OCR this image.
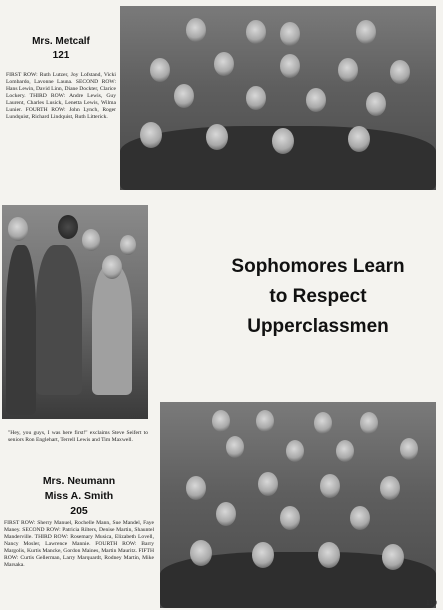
Mrs. Metcalf
121
FIRST ROW: Ruth Lutzer, Joy Lofstand, Vicki Lombardo, Lavonne Launa. SECOND ROW: Hans Lewin, David Linn, Diane Dockter, Clarice Lockery. THIRD ROW: Andre Lewis, Guy Laurent, Charles Lusick, Lenetta Lewis, Wilma Lunier. FOURTH ROW: John Lynch, Roger Lundquist, Richard Lindquist, Ruth Litterick.
"Hey, you guys, I was here first!" exclaims Steve Seifert to seniors Ron Englehart, Terrell Lewis and Tim Maxwell.
Sophomores Learn
to Respect
Upperclassmen
Mrs. Neumann
Miss A. Smith
205
FIRST ROW: Sherry Manuel, Rochelle Mann, Sue Mandel, Faye Maney. SECOND ROW: Patricia Rilters, Denise Martin, Shauntel Manderville. THIRD ROW: Rosemary Musica, Elizabeth Lovell, Nancy Mosler, Lawrence Mannie. FOURTH ROW: Barry Margolis, Kurtis Mancke, Gordon Maines, Martin Mauritz. FIFTH ROW: Curtis Gellerman, Larry Marquardt, Rodney Martin, Mike Marsaka.
119
